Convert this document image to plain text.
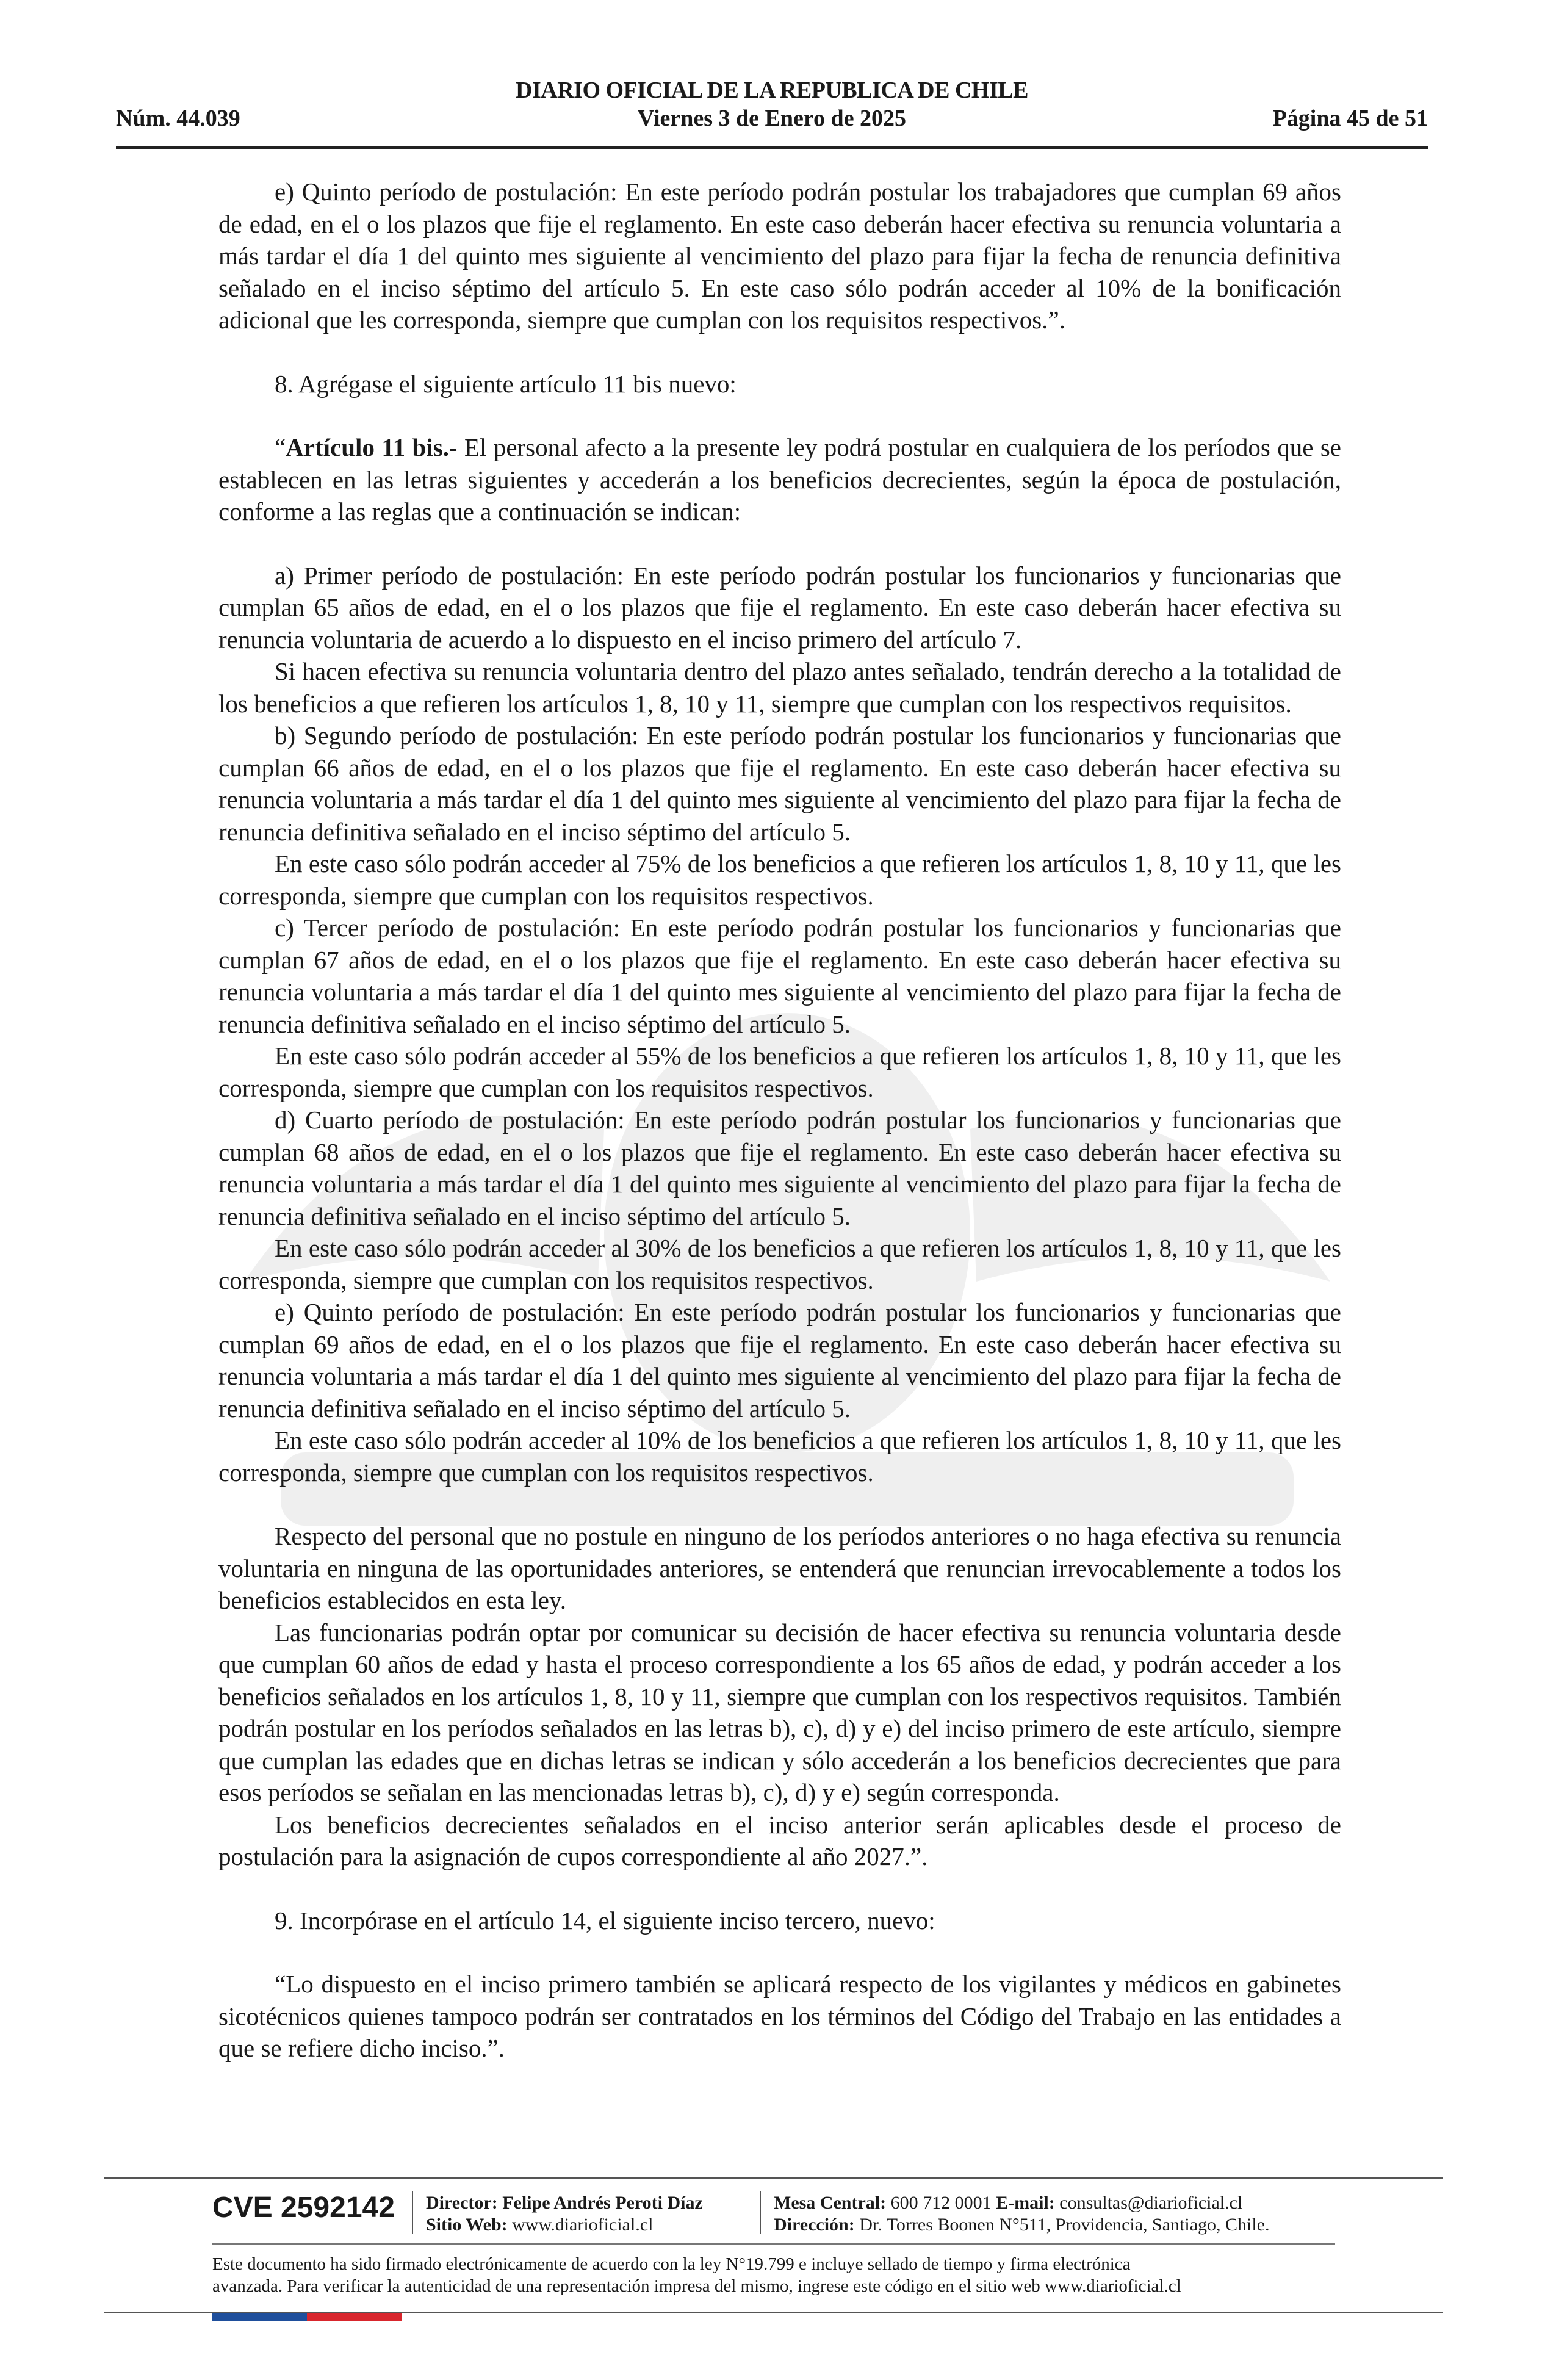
DIARIO OFICIAL DE LA REPUBLICA DE CHILE
Núm. 44.039	Viernes 3 de Enero de 2025	Página 45 de 51

e) Quinto período de postulación: En este período podrán postular los trabajadores que cumplan 69 años de edad, en el o los plazos que fije el reglamento. En este caso deberán hacer efectiva su renuncia voluntaria a más tardar el día 1 del quinto mes siguiente al vencimiento del plazo para fijar la fecha de renuncia definitiva señalado en el inciso séptimo del artículo 5. En este caso sólo podrán acceder al 10% de la bonificación adicional que les corresponda, siempre que cumplan con los requisitos respectivos.”.

8. Agrégase el siguiente artículo 11 bis nuevo:

“Artículo 11 bis.- El personal afecto a la presente ley podrá postular en cualquiera de los períodos que se establecen en las letras siguientes y accederán a los beneficios decrecientes, según la época de postulación, conforme a las reglas que a continuación se indican:

a) Primer período de postulación: En este período podrán postular los funcionarios y funcionarias que cumplan 65 años de edad, en el o los plazos que fije el reglamento. En este caso deberán hacer efectiva su renuncia voluntaria de acuerdo a lo dispuesto en el inciso primero del artículo 7.

Si hacen efectiva su renuncia voluntaria dentro del plazo antes señalado, tendrán derecho a la totalidad de los beneficios a que refieren los artículos 1, 8, 10 y 11, siempre que cumplan con los respectivos requisitos.

b) Segundo período de postulación: En este período podrán postular los funcionarios y funcionarias que cumplan 66 años de edad, en el o los plazos que fije el reglamento. En este caso deberán hacer efectiva su renuncia voluntaria a más tardar el día 1 del quinto mes siguiente al vencimiento del plazo para fijar la fecha de renuncia definitiva señalado en el inciso séptimo del artículo 5.

En este caso sólo podrán acceder al 75% de los beneficios a que refieren los artículos 1, 8, 10 y 11, que les corresponda, siempre que cumplan con los requisitos respectivos.

c) Tercer período de postulación: En este período podrán postular los funcionarios y funcionarias que cumplan 67 años de edad, en el o los plazos que fije el reglamento. En este caso deberán hacer efectiva su renuncia voluntaria a más tardar el día 1 del quinto mes siguiente al vencimiento del plazo para fijar la fecha de renuncia definitiva señalado en el inciso séptimo del artículo 5.

En este caso sólo podrán acceder al 55% de los beneficios a que refieren los artículos 1, 8, 10 y 11, que les corresponda, siempre que cumplan con los requisitos respectivos.

d) Cuarto período de postulación: En este período podrán postular los funcionarios y funcionarias que cumplan 68 años de edad, en el o los plazos que fije el reglamento. En este caso deberán hacer efectiva su renuncia voluntaria a más tardar el día 1 del quinto mes siguiente al vencimiento del plazo para fijar la fecha de renuncia definitiva señalado en el inciso séptimo del artículo 5.

En este caso sólo podrán acceder al 30% de los beneficios a que refieren los artículos 1, 8, 10 y 11, que les corresponda, siempre que cumplan con los requisitos respectivos.

e) Quinto período de postulación: En este período podrán postular los funcionarios y funcionarias que cumplan 69 años de edad, en el o los plazos que fije el reglamento. En este caso deberán hacer efectiva su renuncia voluntaria a más tardar el día 1 del quinto mes siguiente al vencimiento del plazo para fijar la fecha de renuncia definitiva señalado en el inciso séptimo del artículo 5.

En este caso sólo podrán acceder al 10% de los beneficios a que refieren los artículos 1, 8, 10 y 11, que les corresponda, siempre que cumplan con los requisitos respectivos.

Respecto del personal que no postule en ninguno de los períodos anteriores o no haga efectiva su renuncia voluntaria en ninguna de las oportunidades anteriores, se entenderá que renuncian irrevocablemente a todos los beneficios establecidos en esta ley.

Las funcionarias podrán optar por comunicar su decisión de hacer efectiva su renuncia voluntaria desde que cumplan 60 años de edad y hasta el proceso correspondiente a los 65 años de edad, y podrán acceder a los beneficios señalados en los artículos 1, 8, 10 y 11, siempre que cumplan con los respectivos requisitos. También podrán postular en los períodos señalados en las letras b), c), d) y e) del inciso primero de este artículo, siempre que cumplan las edades que en dichas letras se indican y sólo accederán a los beneficios decrecientes que para esos períodos se señalan en las mencionadas letras b), c), d) y e) según corresponda.

Los beneficios decrecientes señalados en el inciso anterior serán aplicables desde el proceso de postulación para la asignación de cupos correspondiente al año 2027.”.

9. Incorpórase en el artículo 14, el siguiente inciso tercero, nuevo:

“Lo dispuesto en el inciso primero también se aplicará respecto de los vigilantes y médicos en gabinetes sicotécnicos quienes tampoco podrán ser contratados en los términos del Código del Trabajo en las entidades a que se refiere dicho inciso.”.

CVE 2592142 Director: Felipe Andrés Peroti Díaz
Sitio Web: www.diarioficial.cl
Mesa Central: 600 712 0001 E-mail: consultas@diarioficial.cl
Dirección: Dr. Torres Boonen N°511, Providencia, Santiago, Chile.
Este documento ha sido firmado electrónicamente de acuerdo con la ley N°19.799 e incluye sellado de tiempo y firma electrónica
avanzada. Para verificar la autenticidad de una representación impresa del mismo, ingrese este código en el sitio web www.diarioficial.cl
